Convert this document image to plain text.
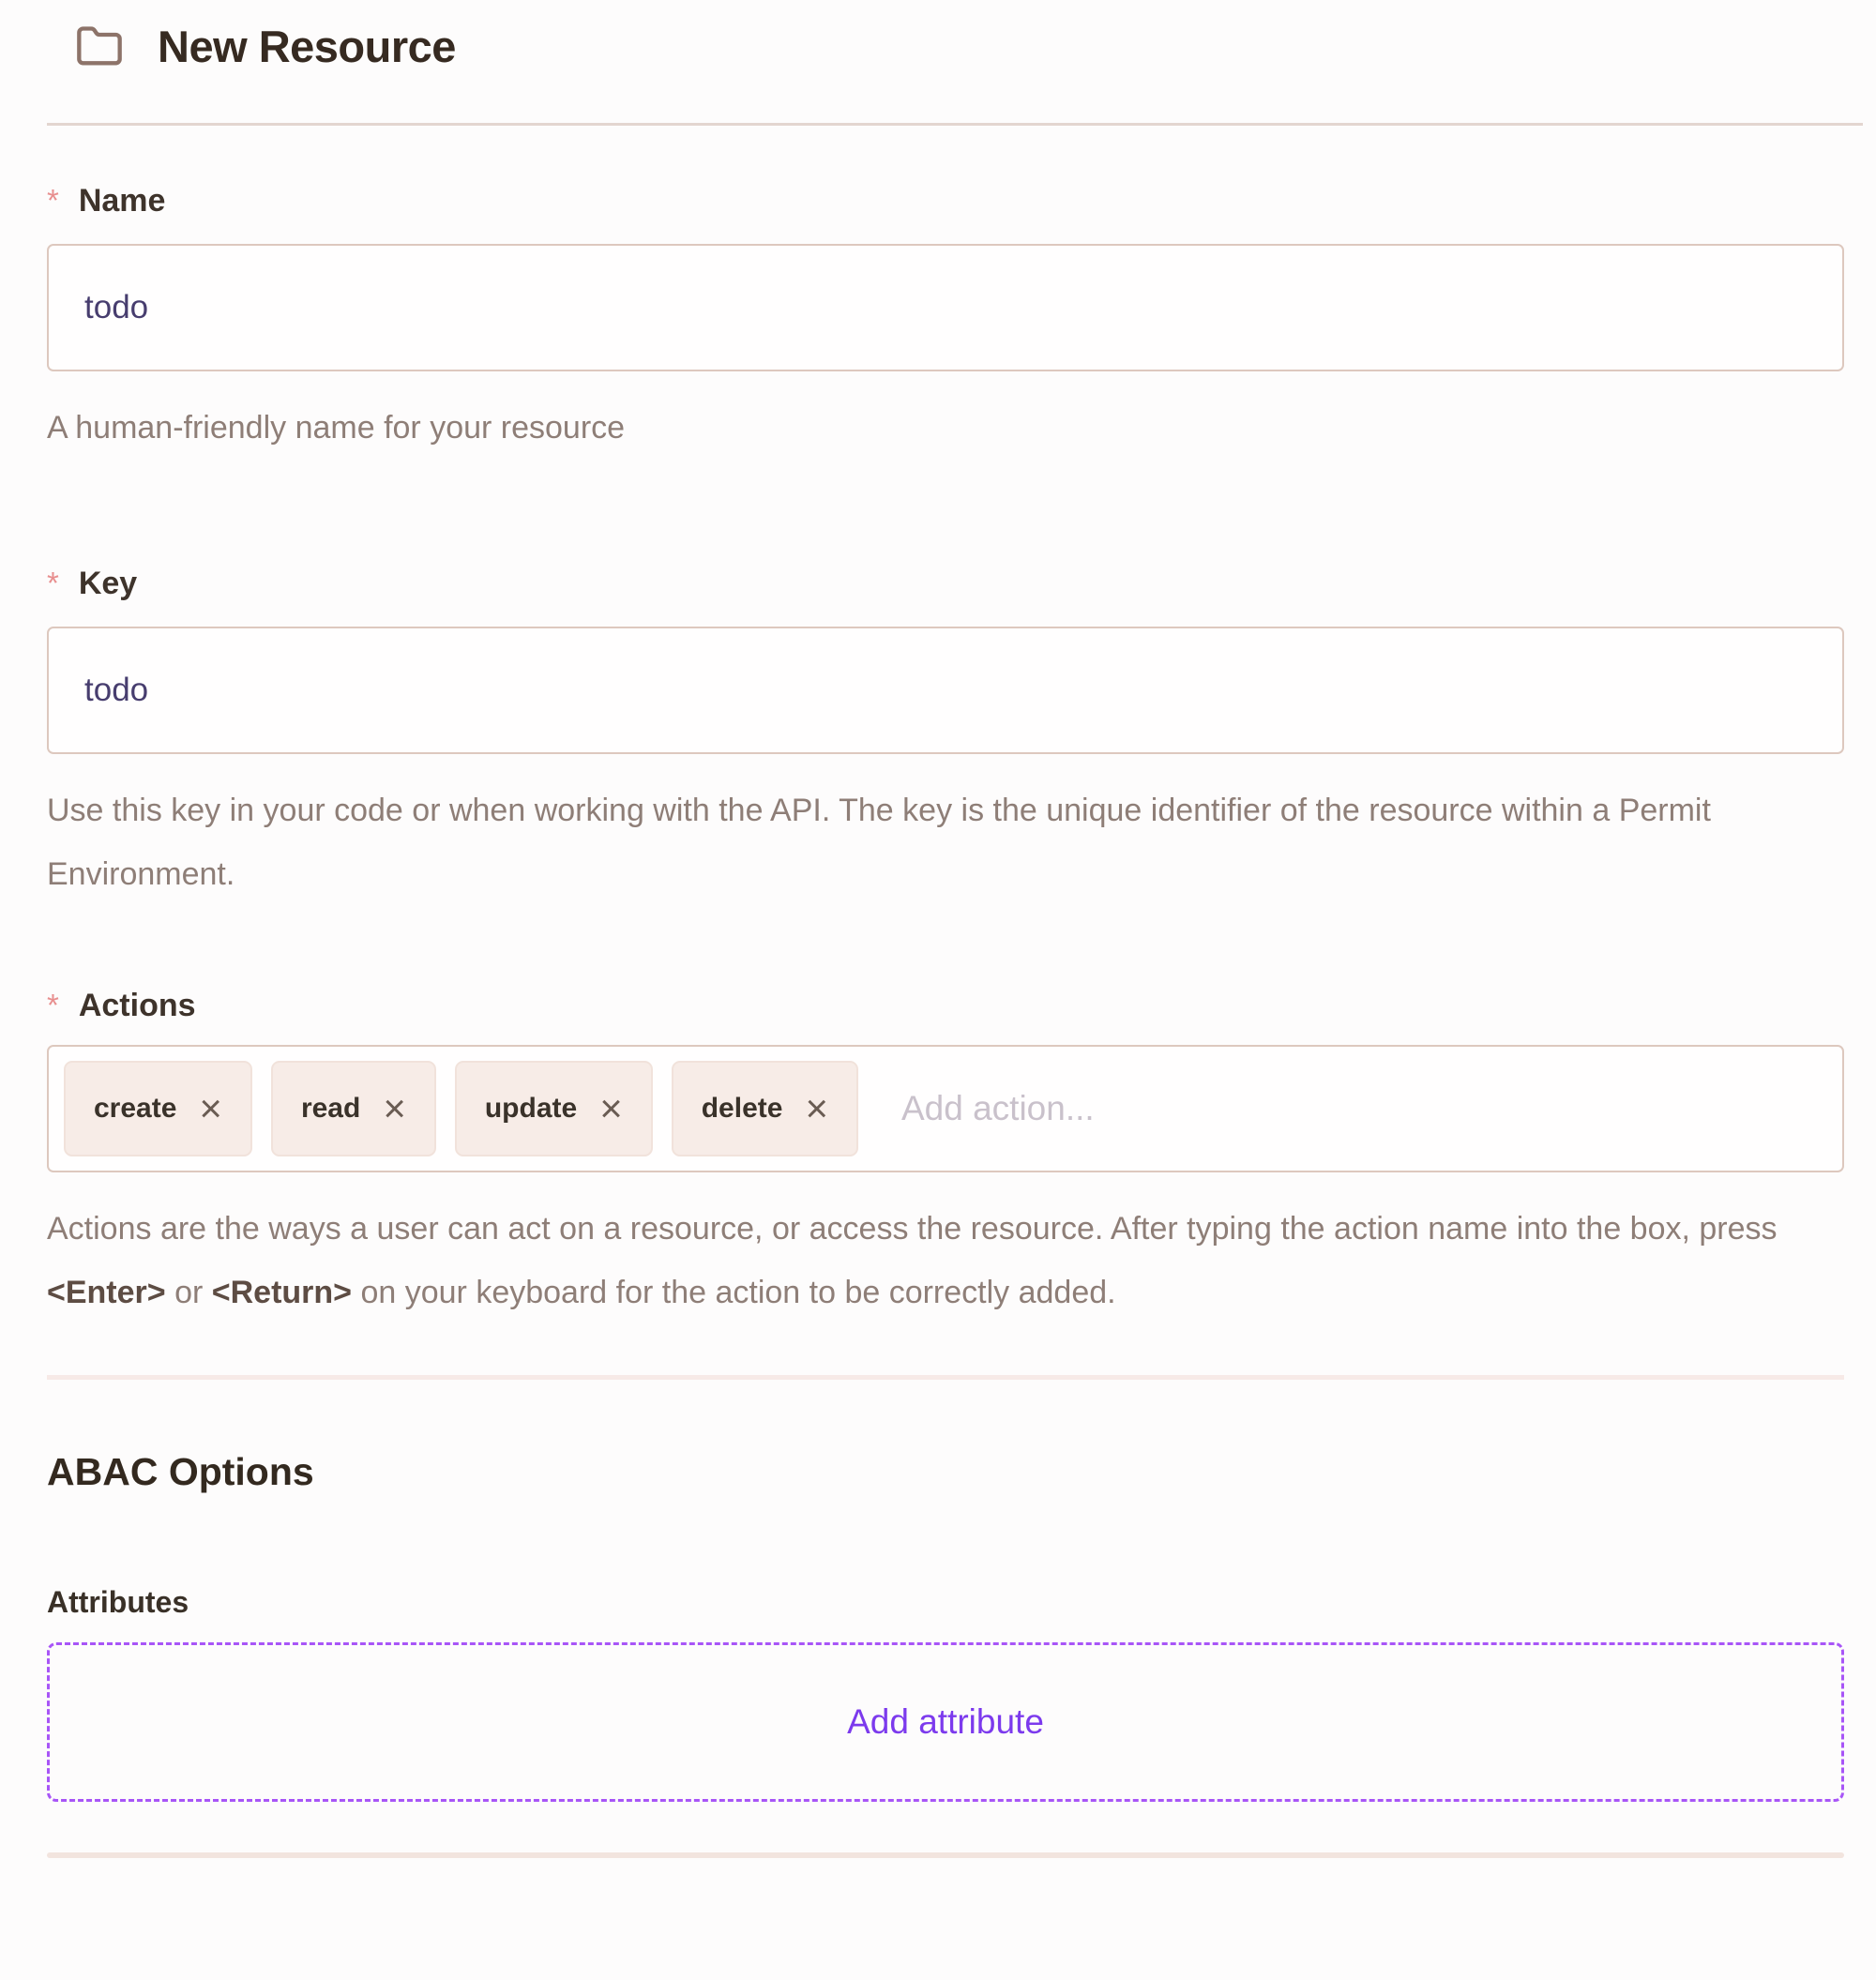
New Resource
* Name
todo

A human-friendly name for your resource

* Key
todo

Use this key in your code or when working with the API. The key is the unique identifier of the resource within a Permit Environment.

* Actions
create ×	read ×	update ×	delete ×
Add action...

Actions are the ways a user can act on a resource, or access the resource. After typing the action name into the box, press <Enter> or <Return> on your keyboard for the action to be correctly added.

ABAC Options
Attributes
Add attribute
